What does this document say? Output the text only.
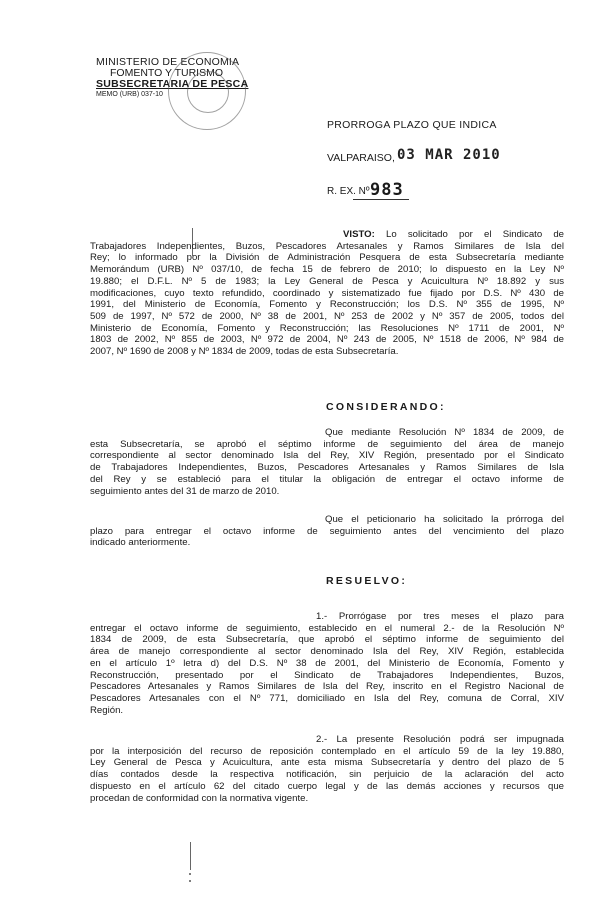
MINISTERIO DE ECONOMIA
FOMENTO Y TURISMO
SUBSECRETARIA DE PESCA
MEMO (URB) 037-10
PRORROGA PLAZO QUE INDICA
VALPARAISO, 03 MAR 2010
R. EX. Nº 983
VISTO: Lo solicitado por el Sindicato de
Trabajadores Independientes, Buzos, Pescadores Artesanales y Ramos Similares de Isla del
Rey; lo informado por la División de Administración Pesquera de esta Subsecretaría mediante
Memorándum (URB) Nº 037/10, de fecha 15 de febrero de 2010; lo dispuesto en la Ley Nº
19.880; el D.F.L. Nº 5 de 1983; la Ley General de Pesca y Acuicultura Nº 18.892 y sus
modificaciones, cuyo texto refundido, coordinado y sistematizado fue fijado por D.S. Nº 430 de
1991, del Ministerio de Economía, Fomento y Reconstrucción; los D.S. Nº 355 de 1995, Nº
509 de 1997, Nº 572 de 2000, Nº 38 de 2001, Nº 253 de 2002 y Nº 357 de 2005, todos del
Ministerio de Economía, Fomento y Reconstrucción; las Resoluciones Nº 1711 de 2001, Nº
1803 de 2002, Nº 855 de 2003, Nº 972 de 2004, Nº 243 de 2005, Nº 1518 de 2006, Nº 984 de
2007, Nº 1690 de 2008 y Nº 1834 de 2009, todas de esta Subsecretaría.
CONSIDERANDO:
Que mediante Resolución Nº 1834 de 2009, de
esta Subsecretaría, se aprobó el séptimo informe de seguimiento del área de manejo
correspondiente al sector denominado Isla del Rey, XIV Región, presentado por el Sindicato
de Trabajadores Independientes, Buzos, Pescadores Artesanales y Ramos Similares de Isla
del Rey y se estableció para el titular la obligación de entregar el octavo informe de
seguimiento antes del 31 de marzo de 2010.
Que el peticionario ha solicitado la prórroga del
plazo para entregar el octavo informe de seguimiento antes del vencimiento del plazo
indicado anteriormente.
RESUELVO:
1.- Prorrógase por tres meses el plazo para
entregar el octavo informe de seguimiento, establecido en el numeral 2.- de la Resolución Nº
1834 de 2009, de esta Subsecretaría, que aprobó el séptimo informe de seguimiento del
área de manejo correspondiente al sector denominado Isla del Rey, XIV Región, establecida
en el artículo 1º letra d) del D.S. Nº 38 de 2001, del Ministerio de Economía, Fomento y
Reconstrucción, presentado por el Sindicato de Trabajadores Independientes, Buzos,
Pescadores Artesanales y Ramos Similares de Isla del Rey, inscrito en el Registro Nacional de
Pescadores Artesanales con el Nº 771, domiciliado en Isla del Rey, comuna de Corral, XIV
Región.
2.- La presente Resolución podrá ser impugnada
por la interposición del recurso de reposición contemplado en el artículo 59 de la ley 19.880,
Ley General de Pesca y Acuicultura, ante esta misma Subsecretaría y dentro del plazo de 5
días contados desde la respectiva notificación, sin perjuicio de la aclaración del acto
dispuesto en el artículo 62 del citado cuerpo legal y de las demás acciones y recursos que
procedan de conformidad con la normativa vigente.
